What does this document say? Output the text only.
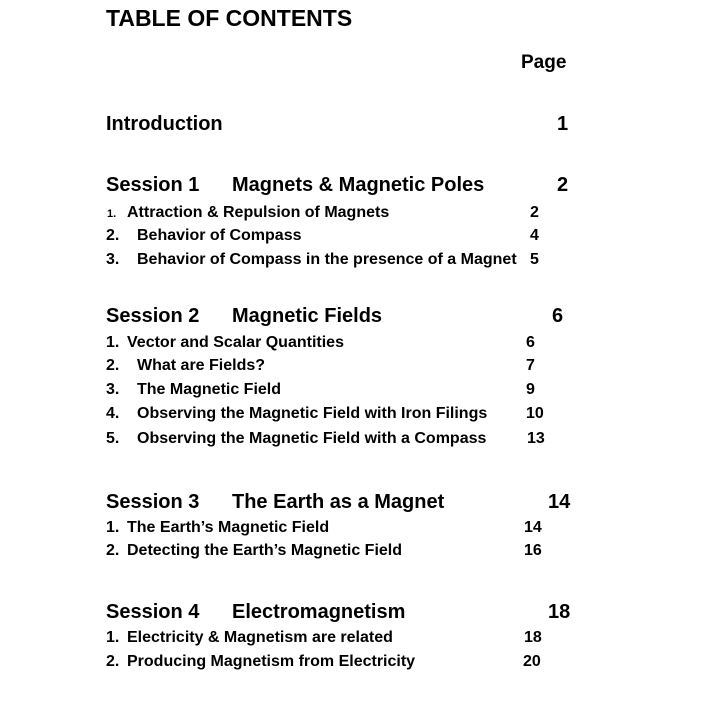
TABLE OF CONTENTS
Page
Introduction	1
Session 1 Magnets & Magnetic Poles	2
1. Attraction & Repulsion of Magnets	2
2. Behavior of Compass	4
3. Behavior of Compass in the presence of a Magnet 5
Session 2 Magnetic Fields	6
1. Vector and Scalar Quantities	6
2. What are Fields?	7
3. The Magnetic Field	9
4. Observing the Magnetic Field with Iron Filings 10
5. Observing the Magnetic Field with a Compass	13
Session 3 The Earth as a Magnet	14
1. The Earth’s Magnetic Field	14
2. Detecting the Earth’s Magnetic Field	16
Session 4 Electromagnetism	18
1. Electricity & Magnetism are related	18
2. Producing Magnetism from Electricity	20
